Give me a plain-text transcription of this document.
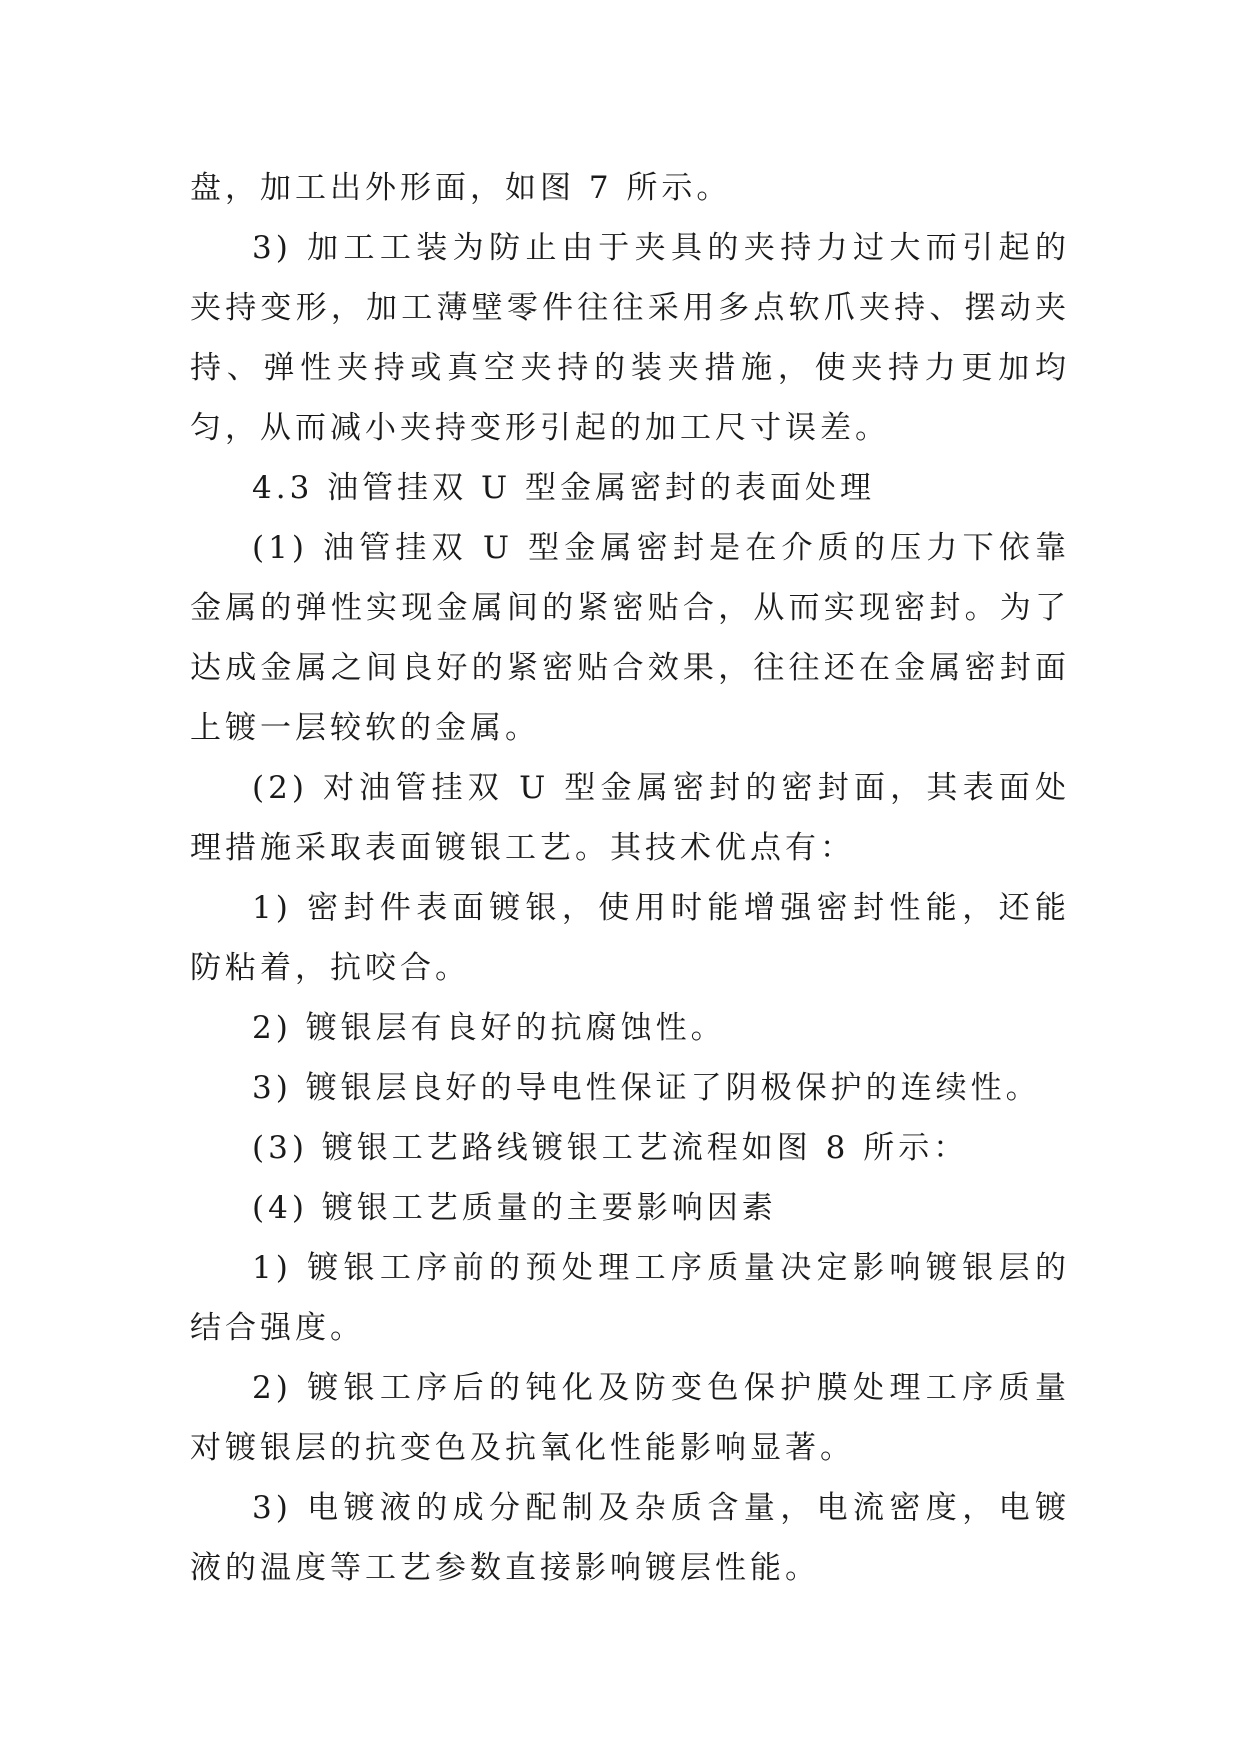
盘，加工出外形面，如图 7 所示。

3) 加工工装为防止由于夹具的夹持力过大而引起的夹持变形，加工薄壁零件往往采用多点软爪夹持、摆动夹持、弹性夹持或真空夹持的装夹措施，使夹持力更加均匀，从而减小夹持变形引起的加工尺寸误差。

4.3 油管挂双 U 型金属密封的表面处理

(1) 油管挂双 U 型金属密封是在介质的压力下依靠金属的弹性实现金属间的紧密贴合，从而实现密封。为了达成金属之间良好的紧密贴合效果，往往还在金属密封面上镀一层较软的金属。

(2) 对油管挂双 U 型金属密封的密封面，其表面处理措施采取表面镀银工艺。其技术优点有：

1) 密封件表面镀银，使用时能增强密封性能，还能防粘着，抗咬合。

2) 镀银层有良好的抗腐蚀性。

3) 镀银层良好的导电性保证了阴极保护的连续性。

(3) 镀银工艺路线镀银工艺流程如图 8 所示：

(4) 镀银工艺质量的主要影响因素

1) 镀银工序前的预处理工序质量决定影响镀银层的结合强度。

2) 镀银工序后的钝化及防变色保护膜处理工序质量对镀银层的抗变色及抗氧化性能影响显著。

3) 电镀液的成分配制及杂质含量，电流密度，电镀液的温度等工艺参数直接影响镀层性能。
